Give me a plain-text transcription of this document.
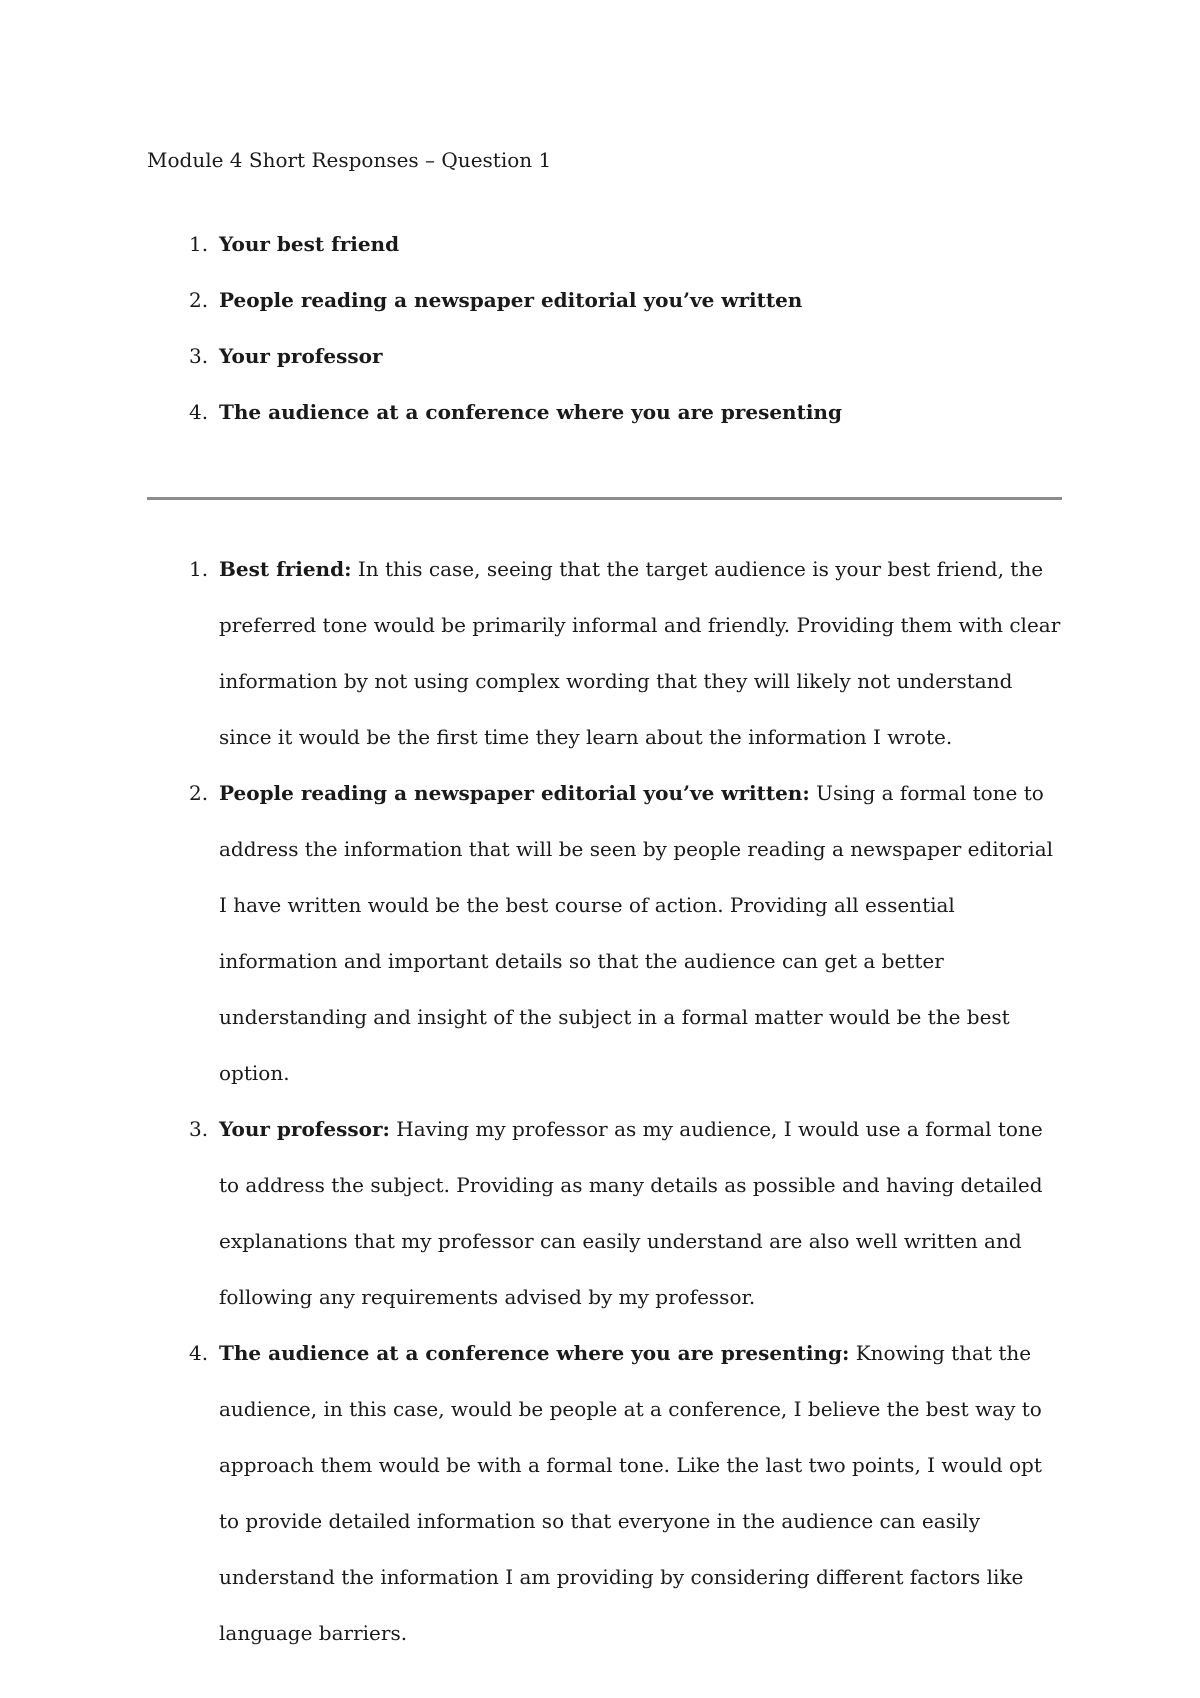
Module 4 Short Responses – Question 1
1. Your best friend
2. People reading a newspaper editorial you’ve written
3. Your professor
4. The audience at a conference where you are presenting
1. Best friend: In this case, seeing that the target audience is your best friend, the preferred tone would be primarily informal and friendly. Providing them with clear information by not using complex wording that they will likely not understand since it would be the first time they learn about the information I wrote.
2. People reading a newspaper editorial you’ve written: Using a formal tone to address the information that will be seen by people reading a newspaper editorial I have written would be the best course of action. Providing all essential information and important details so that the audience can get a better understanding and insight of the subject in a formal matter would be the best option.
3. Your professor: Having my professor as my audience, I would use a formal tone to address the subject. Providing as many details as possible and having detailed explanations that my professor can easily understand are also well written and following any requirements advised by my professor.
4. The audience at a conference where you are presenting: Knowing that the audience, in this case, would be people at a conference, I believe the best way to approach them would be with a formal tone. Like the last two points, I would opt to provide detailed information so that everyone in the audience can easily understand the information I am providing by considering different factors like language barriers.
